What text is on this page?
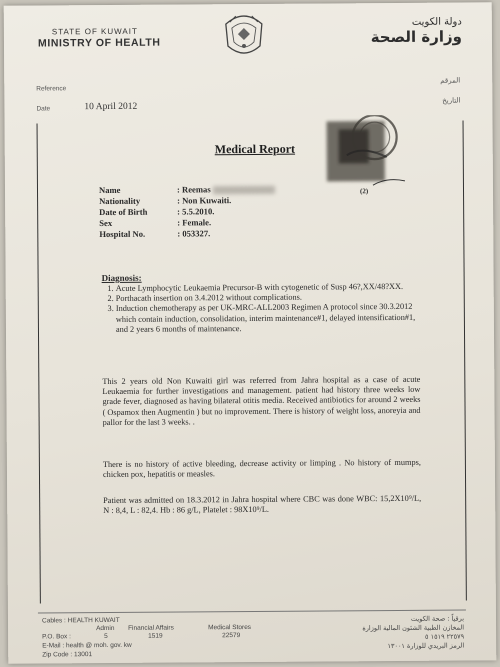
STATE OF KUWAIT
MINISTRY OF HEALTH
دولة الكويت
وزارة الصحة
Reference
Date	10 April 2012
المرقم
التاريخ
Medical Report
(2)
Name	: Reemas
Nationality	: Non Kuwaiti.
Date of Birth	: 5.5.2010.
Sex	: Female.
Hospital No.	: 053327.
Diagnosis:
1. Acute Lymphocytic Leukaemia Precursor-B with cytogenetic of Susp 46?,XX/48?XX.
2. Porthacath insertion on 3.4.2012 without complications.
3. Induction chemotherapy as per UK-MRC-ALL2003 Regimen A protocol since 30.3.2012 which contain induction, consolidation, interim maintenance#1, delayed intensification#1, and 2 years 6 months of maintenance.
This 2 years old Non Kuwaiti girl was referred from Jahra hospital as a case of acute Leukaemia for further investigations and management. patient had history three weeks low grade fever, diagnosed as having bilateral otitis media. Received antibiotics for around 2 weeks ( Ospamox then Augmentin ) but no improvement. There is history of weight loss, anoreyia and pallor for the last 3 weeks. .
There is no history of active bleeding, decrease activity or limping . No history of mumps, chicken pox, hepatitis or measles.
Patient was admitted on 18.3.2012 in Jahra hospital where CBC was done WBC: 15,2X10⁹/L, N : 8,4, L : 82,4. Hb : 86 g/L, Platelet : 98X10⁹/L.
Cables : HEALTH KUWAIT
Admin Financial Affairs	Medical Stores
P.O. Box :	5	1519	22579
E-Mail : health @ moh. gov. kw
Zip Code : 13001
برقياً : صحة الكويت
المخازن الطبية الشئون المالية الوزارة
٢٢٥٧٩ ١٥١٩ ٥
الرمز البريدي للوزارة ١٣٠٠١
